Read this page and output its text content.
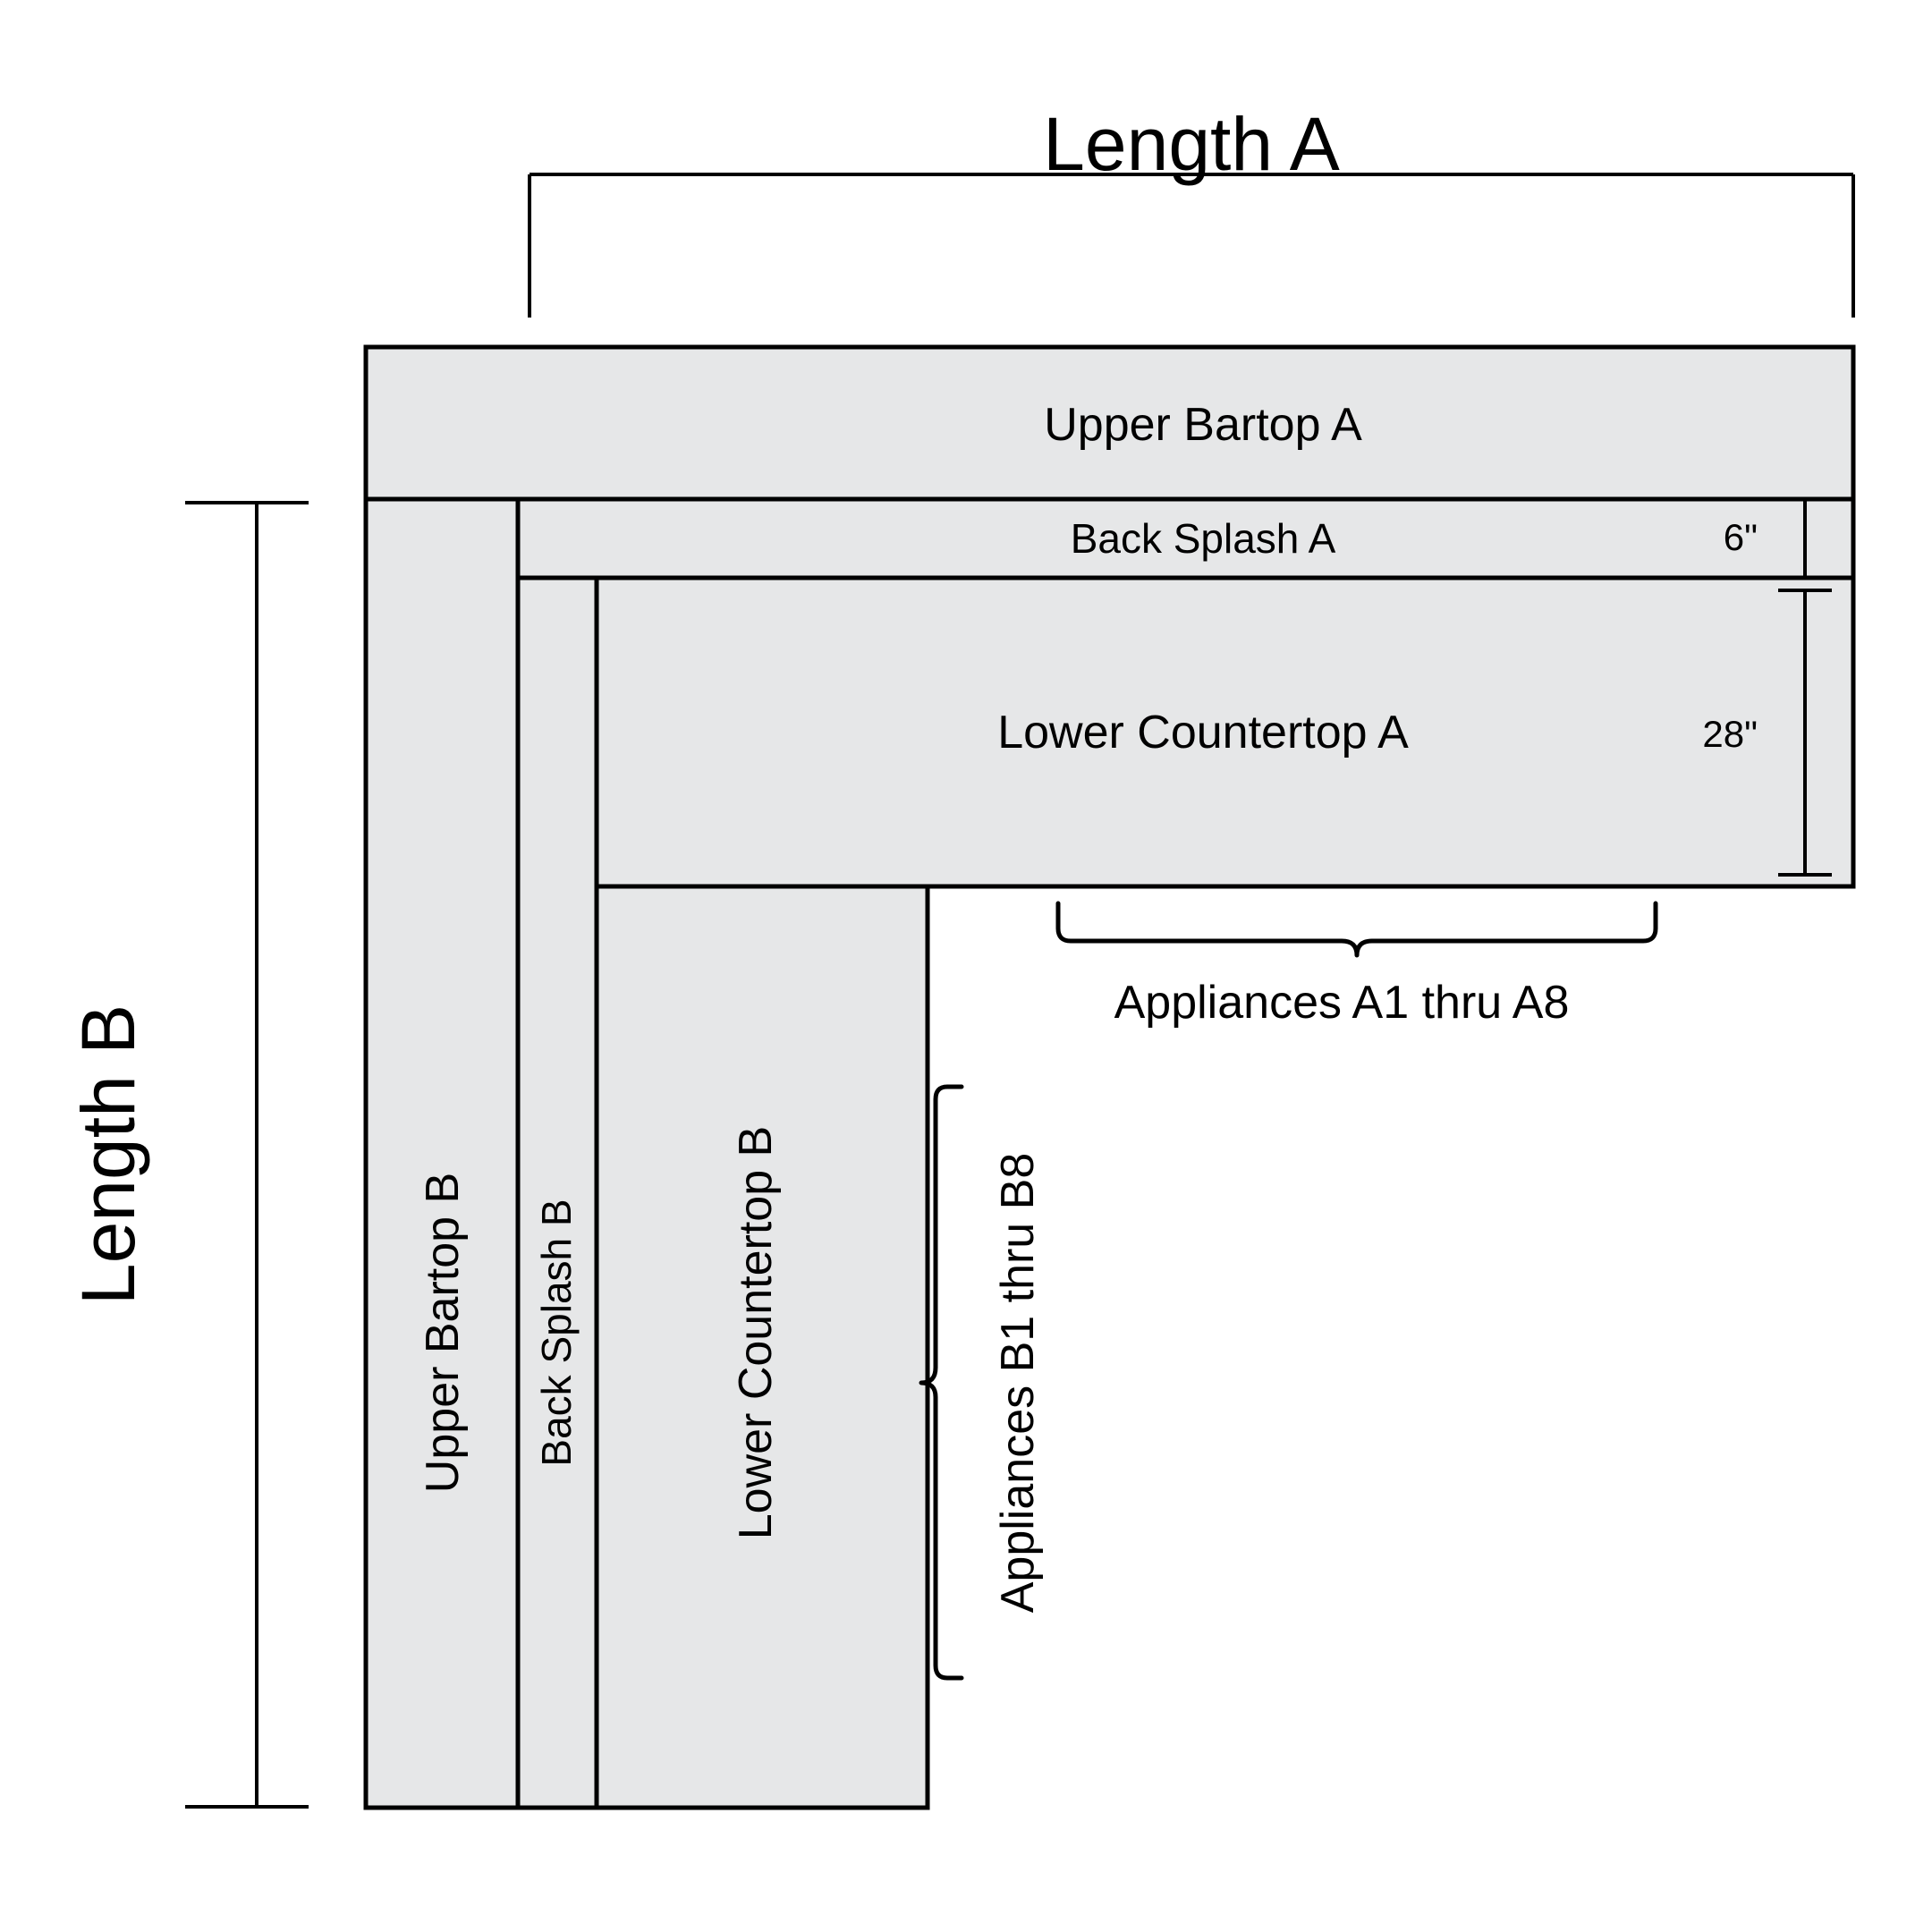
Length A
Length B
Upper Bartop A
Back Splash A
Lower Countertop A
Upper Bartop B Back Splash B	Lower Countertop B
6"
28"
Appliances A1 thru A8
Appliances B1 thru B8
